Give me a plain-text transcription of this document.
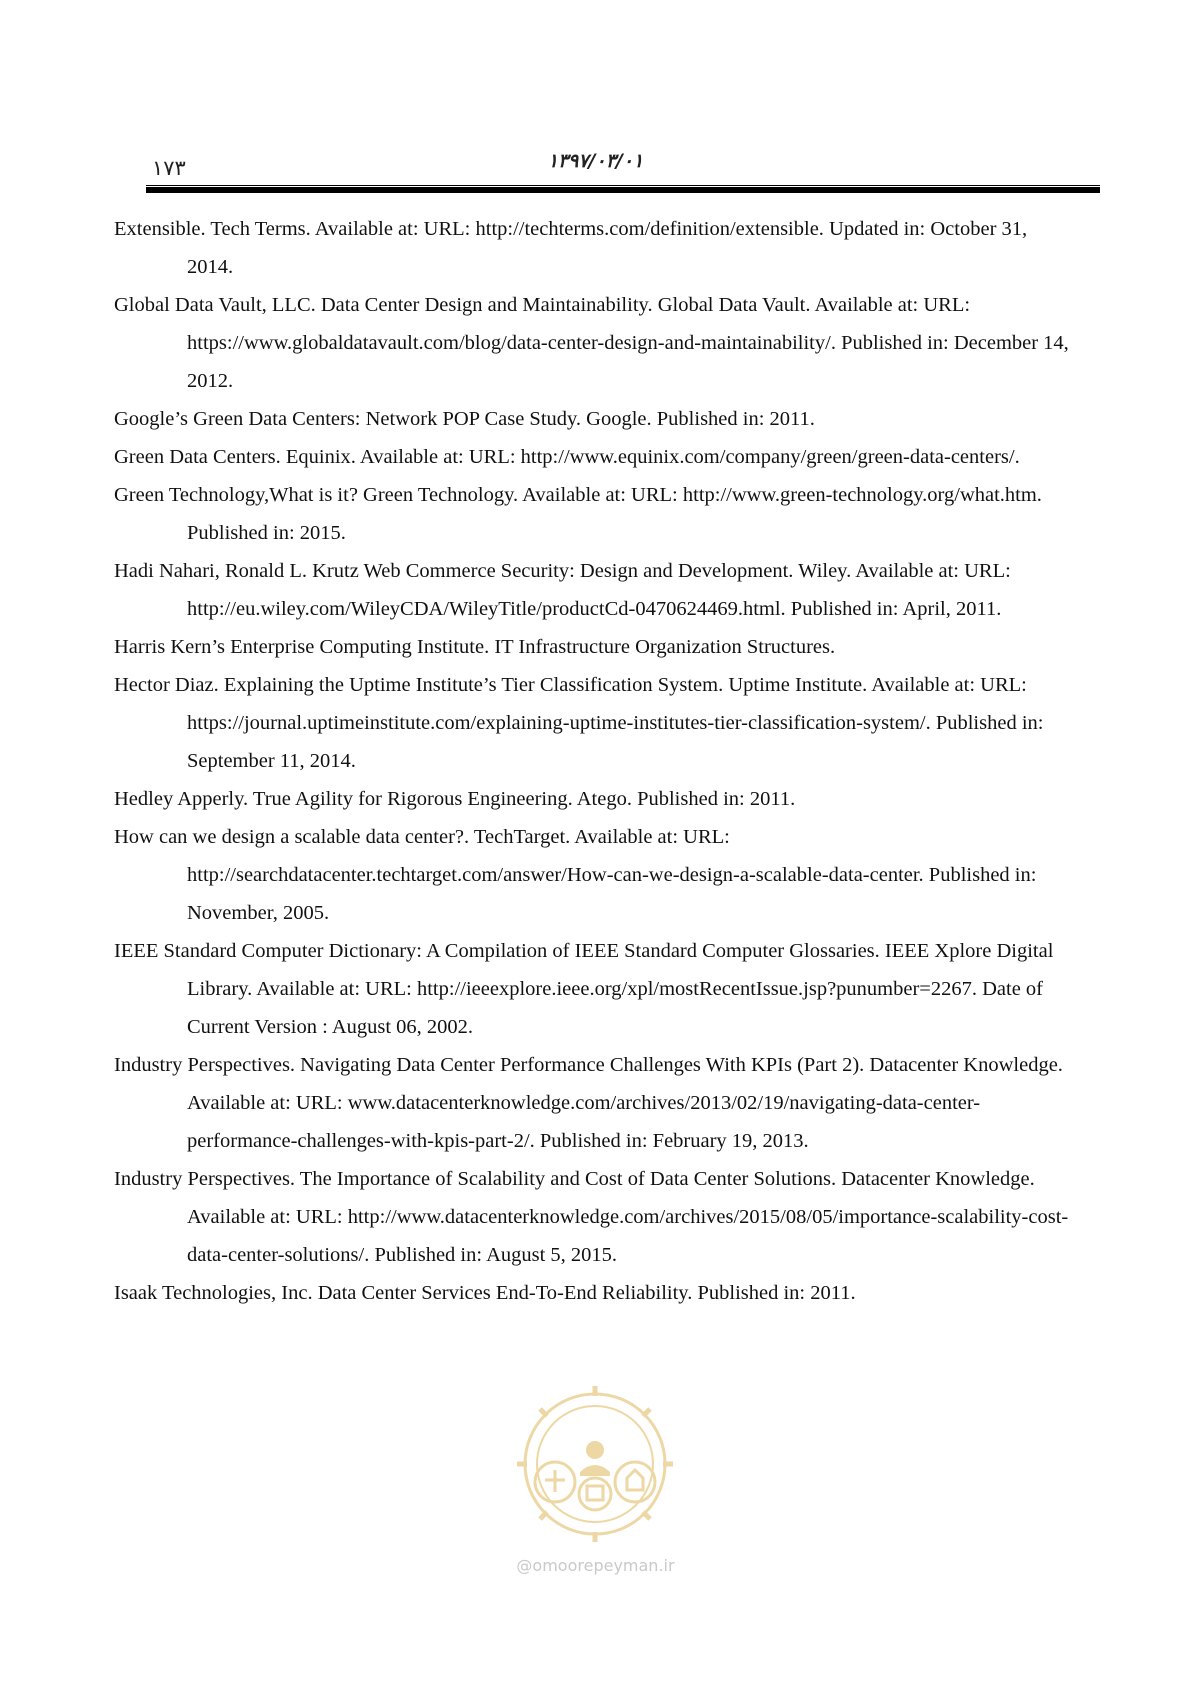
۱۷۳	۱۳۹۷/۰۳/۰۱
Extensible. Tech Terms. Available at: URL: http://techterms.com/definition/extensible. Updated in: October 31, 2014.
Global Data Vault, LLC. Data Center Design and Maintainability. Global Data Vault. Available at: URL: https://www.globaldatavault.com/blog/data-center-design-and-maintainability/. Published in: December 14, 2012.
Google’s Green Data Centers: Network POP Case Study. Google. Published in: 2011.
Green Data Centers. Equinix. Available at: URL: http://www.equinix.com/company/green/green-data-centers/.
Green Technology,What is it? Green Technology. Available at: URL: http://www.green-technology.org/what.htm. Published in: 2015.
Hadi Nahari, Ronald L. Krutz Web Commerce Security: Design and Development. Wiley. Available at: URL: http://eu.wiley.com/WileyCDA/WileyTitle/productCd-0470624469.html. Published in: April, 2011.
Harris Kern’s Enterprise Computing Institute. IT Infrastructure Organization Structures.
Hector Diaz. Explaining the Uptime Institute’s Tier Classification System. Uptime Institute. Available at: URL: https://journal.uptimeinstitute.com/explaining-uptime-institutes-tier-classification-system/. Published in: September 11, 2014.
Hedley Apperly. True Agility for Rigorous Engineering. Atego. Published in: 2011.
How can we design a scalable data center?. TechTarget. Available at: URL: http://searchdatacenter.techtarget.com/answer/How-can-we-design-a-scalable-data-center. Published in: November, 2005.
IEEE Standard Computer Dictionary: A Compilation of IEEE Standard Computer Glossaries. IEEE Xplore Digital Library. Available at: URL: http://ieeexplore.ieee.org/xpl/mostRecentIssue.jsp?punumber=2267. Date of Current Version : August 06, 2002.
Industry Perspectives. Navigating Data Center Performance Challenges With KPIs (Part 2). Datacenter Knowledge. Available at: URL: www.datacenterknowledge.com/archives/2013/02/19/navigating-data-center-performance-challenges-with-kpis-part-2/. Published in: February 19, 2013.
Industry Perspectives. The Importance of Scalability and Cost of Data Center Solutions. Datacenter Knowledge. Available at: URL: http://www.datacenterknowledge.com/archives/2015/08/05/importance-scalability-cost-data-center-solutions/. Published in: August 5, 2015.
Isaak Technologies, Inc. Data Center Services End-To-End Reliability. Published in: 2011.
@omoorepeyman.ir
